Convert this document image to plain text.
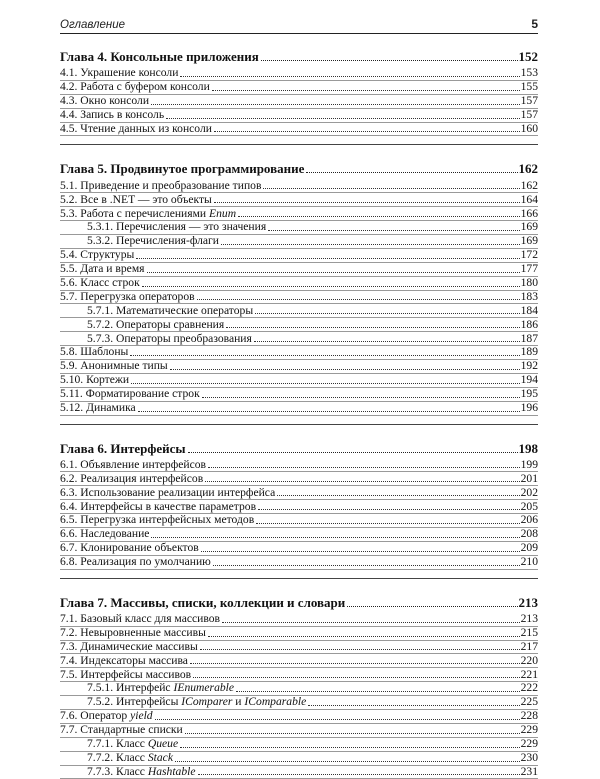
Оглавление	5
Глава 4. Консольные приложения	152
4.1. Украшение консоли	153
4.2. Работа с буфером консоли	155
4.3. Окно консоли	157
4.4. Запись в консоль	157
4.5. Чтение данных из консоли	160
Глава 5. Продвинутое программирование	162
5.1. Приведение и преобразование типов	162
5.2. Все в .NET — это объекты	164
5.3. Работа с перечислениями Enum	166
5.3.1. Перечисления — это значения	169
5.3.2. Перечисления-флаги	169
5.4. Структуры	172
5.5. Дата и время	177
5.6. Класс строк	180
5.7. Перегрузка операторов	183
5.7.1. Математические операторы	184
5.7.2. Операторы сравнения	186
5.7.3. Операторы преобразования	187
5.8. Шаблоны	189
5.9. Анонимные типы	192
5.10. Кортежи	194
5.11. Форматирование строк	195
5.12. Динамика	196
Глава 6. Интерфейсы	198
6.1. Объявление интерфейсов	199
6.2. Реализация интерфейсов	201
6.3. Использование реализации интерфейса	202
6.4. Интерфейсы в качестве параметров	205
6.5. Перегрузка интерфейсных методов	206
6.6. Наследование	208
6.7. Клонирование объектов	209
6.8. Реализация по умолчанию	210
Глава 7. Массивы, списки, коллекции и словари	213
7.1. Базовый класс для массивов	213
7.2. Невыровненные массивы	215
7.3. Динамические массивы	217
7.4. Индексаторы массива	220
7.5. Интерфейсы массивов	221
7.5.1. Интерфейс IEnumerable	222
7.5.2. Интерфейсы IComparer и IComparable	225
7.6. Оператор yield	228
7.7. Стандартные списки	229
7.7.1. Класс Queue	229
7.7.2. Класс Stack	230
7.7.3. Класс Hashtable	231
